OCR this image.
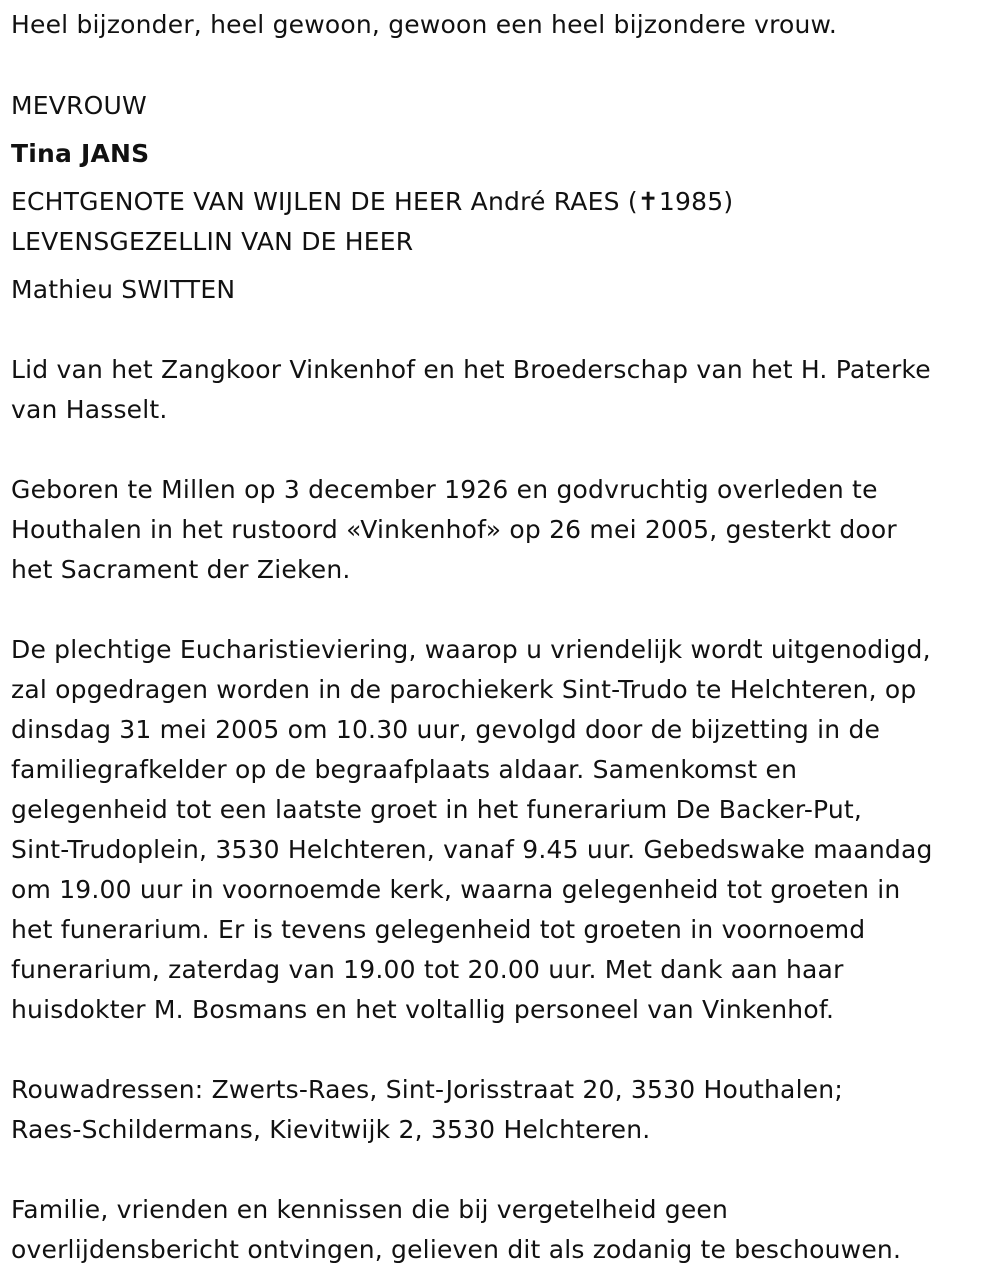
Heel bijzonder, heel gewoon, gewoon een heel bijzondere vrouw.
MEVROUW
Tina JANS
ECHTGENOTE VAN WIJLEN DE HEER André RAES (✝1985)
LEVENSGEZELLIN VAN DE HEER
Mathieu SWITTEN
Lid van het Zangkoor Vinkenhof en het Broederschap van het H. Paterke
van Hasselt.
Geboren te Millen op 3 december 1926 en godvruchtig overleden te
Houthalen in het rustoord «Vinkenhof» op 26 mei 2005, gesterkt door
het Sacrament der Zieken.
De plechtige Eucharistieviering, waarop u vriendelijk wordt uitgenodigd,
zal opgedragen worden in de parochiekerk Sint-Trudo te Helchteren, op
dinsdag 31 mei 2005 om 10.30 uur, gevolgd door de bijzetting in de
familiegrafkelder op de begraafplaats aldaar. Samenkomst en
gelegenheid tot een laatste groet in het funerarium De Backer-Put,
Sint-Trudoplein, 3530 Helchteren, vanaf 9.45 uur. Gebedswake maandag
om 19.00 uur in voornoemde kerk, waarna gelegenheid tot groeten in
het funerarium. Er is tevens gelegenheid tot groeten in voornoemd
funerarium, zaterdag van 19.00 tot 20.00 uur. Met dank aan haar
huisdokter M. Bosmans en het voltallig personeel van Vinkenhof.
Rouwadressen: Zwerts-Raes, Sint-Jorisstraat 20, 3530 Houthalen;
Raes-Schildermans, Kievitwijk 2, 3530 Helchteren.
Familie, vrienden en kennissen die bij vergetelheid geen
overlijdensbericht ontvingen, gelieven dit als zodanig te beschouwen.
